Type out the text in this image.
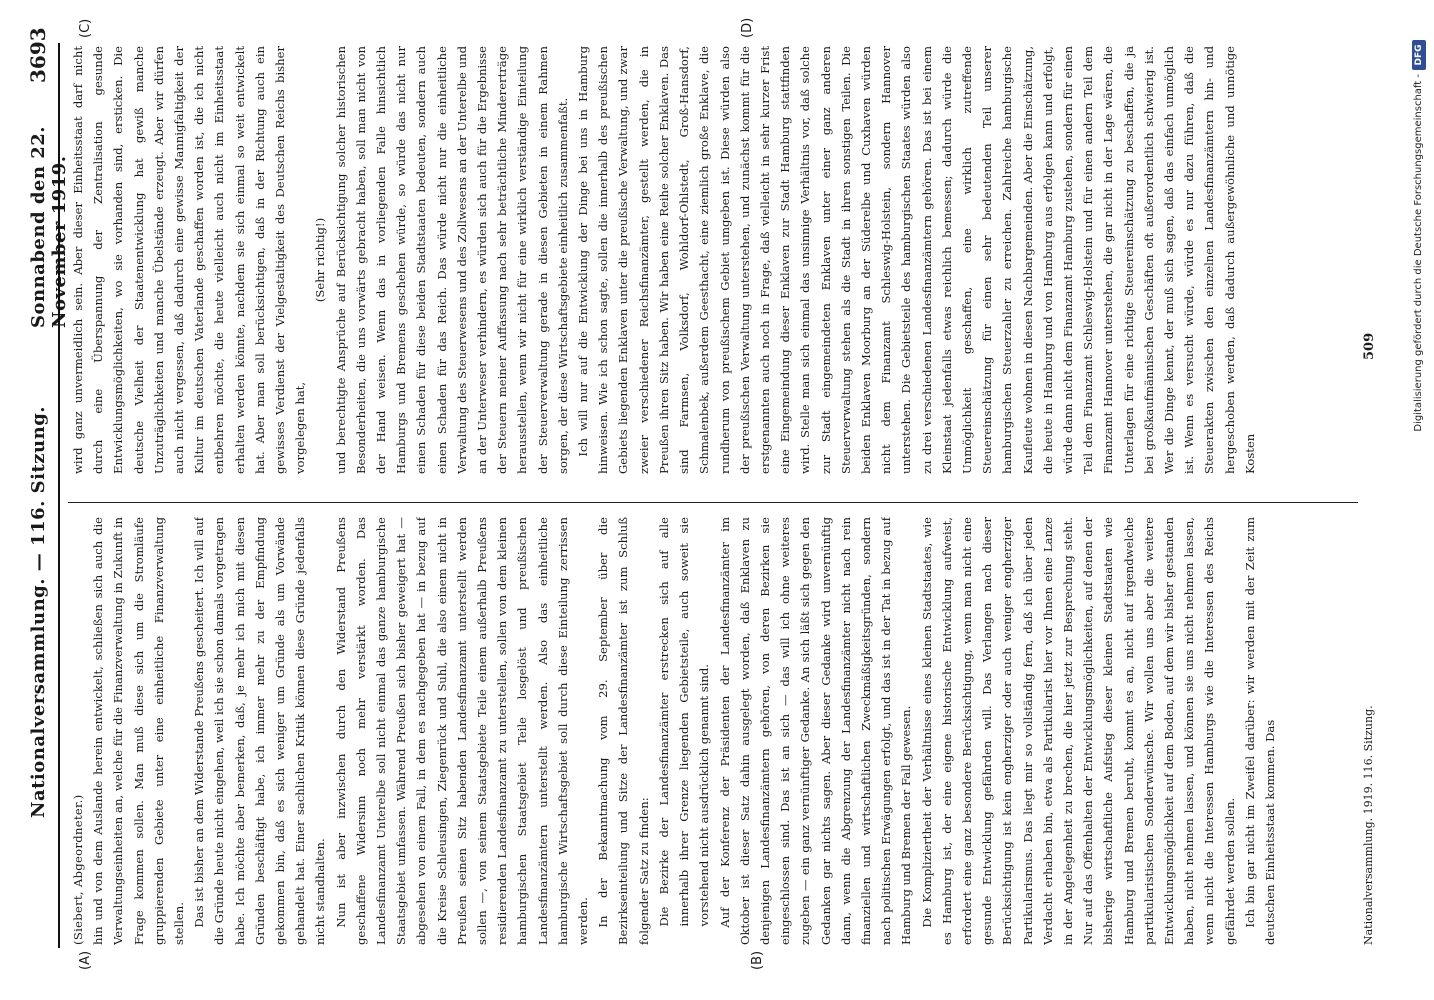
Nationalversammlung. — 116. Sitzung.
Sonnabend den 22. November 1919.
3693
(A)	(B)
(C)	(D)

(Siebert, Abgeordneter.) hin und von dem Auslande herein entwickelt, schließen sich auch die Verwaltungseinheiten an, welche für die Finanzverwaltung in Zukunft in Frage kommen sollen. Man muß diese sich um die Stromläufe gruppierenden Gebiete unter eine einheitliche Finanzverwaltung stellen. Das ist bisher an dem Widerstande Preußens gescheitert. Ich will auf die Gründe heute nicht eingehen, weil ich sie schon damals vorgetragen habe. Ich möchte aber bemerken, daß, je mehr ich mich mit diesen Gründen beschäftigt habe, ich immer mehr zu der Empfindung gekommen bin, daß es sich weniger um Gründe als um Vorwände gehandelt hat. Einer sachlichen Kritik können diese Gründe jedenfalls nicht standhalten. Nun ist aber inzwischen durch den Widerstand Preußens geschaffene Widersinn noch mehr verstärkt worden. Das Landesfinanzamt Unterelbe soll nicht einmal das ganze hamburgische Staatsgebiet umfassen. Während Preußen sich bisher geweigert hat — abgesehen von einem Fall, in dem es nachgegeben hat — in bezug auf die Kreise Schleusingen, Ziegenrück und Suhl, die also einem nicht in Preußen seinen Sitz habenden Landesfinanzamt unterstellt werden sollen —, von seinem Staatsgebiete Teile einem außerhalb Preußens residierenden Landesfinanzamt zu unterstellen, sollen von dem kleinen hamburgischen Staatsgebiet Teile losgelöst und preußischen Landesfinanzämtern unterstellt werden. Also das einheitliche hamburgische Wirtschaftsgebiet soll durch diese Einteilung zerrissen werden. In der Bekanntmachung vom 29. September über die Bezirkseinteilung und Sitze der Landesfinanzämter ist zum Schluß folgender Satz zu finden: Die Bezirke der Landesfinanzämter erstrecken sich auf alle innerhalb ihrer Grenze liegenden Gebietsteile, auch soweit sie vorstehend nicht ausdrücklich genannt sind. Auf der Konferenz der Präsidenten der Landesfinanzämter im Oktober ist dieser Satz dahin ausgelegt worden, daß Enklaven zu denjenigen Landesfinanzämtern gehören, von deren Bezirken sie eingeschlossen sind. Das ist an sich — das will ich ohne weiteres zugeben — ein ganz vernünftiger Gedanke. An sich läßt sich gegen den Gedanken gar nichts sagen. Aber dieser Gedanke wird unvernünftig dann, wenn die Abgrenzung der Landesfinanzämter nicht nach rein finanziellen und wirtschaftlichen Zweckmäßigkeitsgründen, sondern nach politischen Erwägungen erfolgt, und das ist in der Tat in bezug auf Hamburg und Bremen der Fall gewesen. Die Kompliziertheit der Verhältnisse eines kleinen Stadtstaates, wie es Hamburg ist, der eine eigene historische Entwicklung aufweist, erfordert eine ganz besondere Berücksichtigung, wenn man nicht eine gesunde Entwicklung gefährden will. Das Verlangen nach dieser Berücksichtigung ist kein engherziger oder auch weniger engherziger Partikularismus. Das liegt mir so vollständig fern, daß ich über jeden Verdacht erhaben bin, etwa als Partikularist hier vor Ihnen eine Lanze in der Angelegenheit zu brechen, die hier jetzt zur Besprechung steht. Nur auf das Offenhalten der Entwicklungsmöglichkeiten, auf denen der bisherige wirtschaftliche Aufstieg dieser kleinen Stadtstaaten wie Hamburg und Bremen beruht, kommt es an, nicht auf irgendwelche partikularistischen Sonderwünsche. Wir wollen uns aber die weitere Entwicklungsmöglichkeit auf dem Boden, auf dem wir bisher gestanden haben, nicht nehmen lassen, und können sie uns nicht nehmen lassen, wenn nicht die Interessen Hamburgs wie die Interessen des Reichs gefährdet werden sollen. Ich bin gar nicht im Zweifel darüber: wir werden mit der Zeit zum deutschen Einheitsstaat kommen. Das

wird ganz unvermeidlich sein. Aber dieser Einheitsstaat darf nicht durch eine Überspannung der Zentralisation gesunde Entwicklungsmöglichkeiten, wo sie vorhanden sind, ersticken. Die deutsche Vielheit der Staatenentwicklung hat gewiß manche Unzuträglichkeiten und manche Übelstände erzeugt. Aber wir dürfen auch nicht vergessen, daß dadurch eine gewisse Mannigfaltigkeit der Kultur im deutschen Vaterlande geschaffen worden ist, die ich nicht entbehren möchte, die heute vielleicht auch nicht im Einheitsstaat erhalten werden könnte, nachdem sie sich einmal so weit entwickelt hat. Aber man soll berücksichtigen, daß in der Richtung auch ein gewisses Verdienst der Vielgestaltigkeit des Deutschen Reichs bisher vorgelegen hat,

(Sehr richtig!) und berechtigte Ansprüche auf Berücksichtigung solcher historischen Besonderheiten, die uns vorwärts gebracht haben, soll man nicht von der Hand weisen. Wenn das in vorliegenden Falle hinsichtlich Hamburgs und Bremens geschehen würde, so würde das nicht nur einen Schaden für diese beiden Stadtstaaten bedeuten, sondern auch einen Schaden für das Reich. Das würde nicht nur die einheitliche Verwaltung des Steuerwesens und des Zollwesens an der Unterelbe und an der Unterweser verhindern, es würden sich auch für die Ergebnisse der Steuern meiner Auffassung nach sehr beträchtliche Mindererträge herausstellen, wenn wir nicht für eine wirklich verständige Einteilung der Steuerverwaltung gerade in diesen Gebieten in einem Rahmen sorgen, der diese Wirtschaftsgebiete einheitlich zusammenfaßt. Ich will nur auf die Entwicklung der Dinge bei uns in Hamburg hinweisen. Wie ich schon sagte, sollen die innerhalb des preußischen Gebiets liegenden Enklaven unter die preußische Verwaltung, und zwar zweier verschiedener Reichsfinanzämter, gestellt werden, die in Preußen ihren Sitz haben. Wir haben eine Reihe solcher Enklaven. Das sind Farmsen, Volksdorf, Wohldorf-Ohlstedt, Groß-Hansdorf, Schmalenbek, außerdem Geesthacht, eine ziemlich große Enklave, die rundherum von preußischem Gebiet umgeben ist. Diese würden also der preußischen Verwaltung unterstehen, und zunächst kommt für die erstgenannten auch noch in Frage, daß vielleicht in sehr kurzer Frist eine Eingemeindung dieser Enklaven zur Stadt Hamburg stattfinden wird. Stelle man sich einmal das unsinnige Verhältnis vor, daß solche zur Stadt eingemeindeten Enklaven unter einer ganz anderen Steuerverwaltung stehen als die Stadt in ihren sonstigen Teilen. Die beiden Enklaven Moorburg an der Süderelbe und Cuxhaven würden nicht dem Finanzamt Schleswig-Holstein, sondern Hannover unterstehen. Die Gebietsteile des hamburgischen Staates würden also zu drei verschiedenen Landesfinanzämtern gehören. Das ist bei einem Kleinstaat jedenfalls etwas reichlich bemessen; dadurch würde die Unmöglichkeit geschaffen, eine wirklich zutreffende Steuereinschätzung für einen sehr bedeutenden Teil unserer hamburgischen Steuerzahler zu erreichen. Zahlreiche hamburgische Kaufleute wohnen in diesen Nachbargemeinden. Aber die Einschätzung, die heute in Hamburg und von Hamburg aus erfolgen kann und erfolgt, würde dann nicht dem Finanzamt Hamburg zustehen, sondern für einen Teil dem Finanzamt Schleswig-Holstein und für einen andern Teil dem Finanzamt Hannover unterstehen, die gar nicht in der Lage wären, die Unterlagen für eine richtige Steuereinschätzung zu beschaffen, die ja bei großkaufmännischen Geschäften oft außerordentlich schwierig ist. Wer die Dinge kennt, der muß sich sagen, daß das einfach unmöglich ist. Wenn es versucht würde, würde es nur dazu führen, daß die Steuerakten zwischen den einzelnen Landesfinanzämtern hin- und hergeschoben werden, daß dadurch außergewöhnliche und unnötige Kosten

Nationalversammlung. 1919. 116. Sitzung.
509	Digitalisierung gefördert durch die Deutsche Forschungsgemeinschaft -
DFG
